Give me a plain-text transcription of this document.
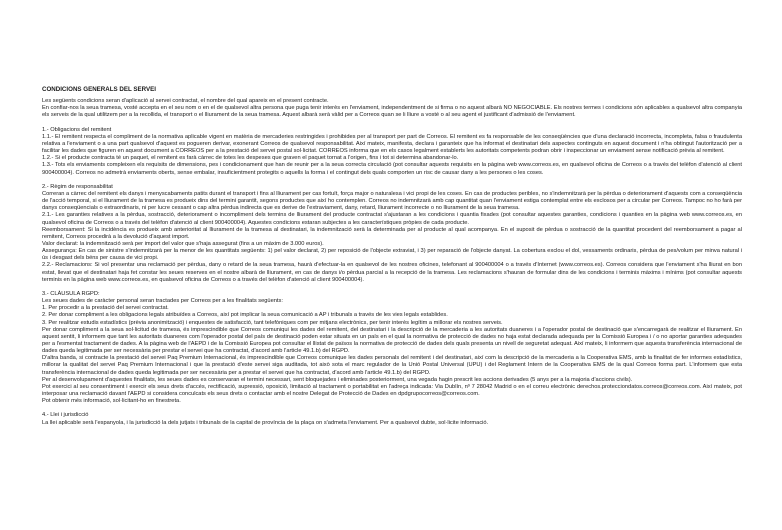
CONDICIONS GENERALS DEL SERVEI

Les següents condicions seran d'aplicació al servei contractat, el nombre del qual apareix en el present contracte.

En confiar-nos la seua tramesa, vosté accepta en el seu nom o en el de qualsevol altra persona que puga tenir interès en l'enviament, independentment de si firma o no aquest albarà NO NEGOCIABLE. Els nostres termes i condicions són aplicables a qualsevol altra companyia els serveis de la qual utilitzem per a la recollida, el transport o el lliurament de la seua tramesa. Aquest albarà serà vàlid per a Correos quan se li lliure a vosté o al seu agent el justificant d'admissió de l'enviament.

1.- Obligacions del remitent

1.1.- El remitent respecta el compliment de la normativa aplicable vigent en matèria de mercaderies restringides i prohibides per al transport per part de Correos. El remitent es fa responsable de les conseqüències que d'una declaració incorrecta, incompleta, falsa o fraudulenta relativa a l'enviament o a una part qualsevol d'aquest es pogueren derivar, exonerant Correos de qualsevol responsabilitat. Així mateix, manifesta, declara i garanteix que ha informat el destinatari dels aspectes continguts en aquest document i n'ha obtingut l'autorització per a facilitar les dades que figuren en aquest document a CORREOS per a la prestació del servei postal sol·licitat. CORREOS informa que en els casos legalment establerts les autoritats competents podran obrir i inspeccionar un enviament sense notificació prèvia al remitent.

1.2.- Si el producte contracta té un paquet, el remitent es farà càrrec de totes les despeses que graven el paquet tornat a l'origen, fins i tot si determina abandonar-lo.

1.3.- Tots els enviaments compleixen els requisits de dimensions, pes i condicionament que han de reunir per a la seua correcta circulació (pot consultar aquests requisits en la pàgina web www.correos.es, en qualsevol oficina de Correos o a través del telèfon d'atenció al client 900400004). Correos no admetrà enviaments oberts, sense embalar, insuficientment protegits o aquells la forma i el contingut dels quals comporten un risc de causar dany a les persones o les coses.

2.- Règim de responsabilitat

Correran a càrrec del remitent els danys i menyscabaments patits durant el transport i fins al lliurament per cas fortuït, força major o naturalesa i vici propi de les coses. En cas de productes peribles, no s'indemnitzarà per la pèrdua o deteriorament d'aquests com a conseqüència de l'acció temporal, si el lliurament de la tramesa es produeix dins del termini garantit, segons productes que així ho contemplen. Correos no indemnitzarà amb cap quantitat quan l'enviament estiga contemplat entre els exclosos per a circular per Correos. Tampoc no ho farà per danys conseqüencials o extraordinaris, ni per lucre cessant o cap altra pèrdua indirecta que es derive de l'extraviament, dany, retard, lliurament incorrecte o no lliurament de la seua tramesa.

2.1.- Les garanties relatives a la pèrdua, sostracció, deteriorament o incompliment dels termins de lliurament del producte contractat s'ajustaran a les condicions i quantia fixades (pot consultar aquestes garanties, condicions i quanties en la pàgina web www.correos.es, en qualsevol oficina de Correos o a través del telèfon d'atenció al client 900400004). Aquestes condicions estaran subjectes a les característiques pròpies de cada producte.

Reemborsament: Si la incidència es produeix amb anterioritat al lliurament de la tramesa al destinatari, la indemnització serà la determinada per al producte al qual acompanya. En el suposit de pèrdua o sostracció de la quantitat procedent del reemborsament a pagar al remitent, Correos procedirà a la devolució d'aquest import.

Valor declarat: la indemnització serà per import del valor que s'haja assegurat (fins a un màxim de 3.000 euros).

Assegurança: En cas de sinistre s'indemnitzarà per la menor de les quantitats següents: 1) pel valor declarat, 2) per reposició de l'objecte extraviat, i 3) per reparació de l'objecte danyat. La cobertura exclou el dol, vessaments ordinaris, pèrdua de pes/volum per minva natural i ús i desgast dels béns per causa de vici propi.

2.2.- Reclamacions: Si vol presentar una reclamació per pèrdua, dany o retard de la seua tramesa, haurà d'efectuar-la en qualsevol de les nostres oficines, telefonant al 900400004 o a través d'Internet (www.correos.es). Correos considera que l'enviament s'ha lliurat en bon estat, llevat que el destinatari haja fet constar les seues reserves en el nostre albarà de lliurament, en cas de danys i/o pèrdua parcial a la recepció de la tramesa. Les reclamacions s'hauran de formular dins de les condicions i terminis màxims i mínims (pot consultar aquests terminis en la pàgina web www.correos.es, en qualsevol oficina de Correos o a través del telèfon d'atenció al client 900400004).

3.- CLÀUSULA RGPD:

Les seues dades de caràcter personal seran tractades per Correos per a les finalitats següents:

1. Per procedir a la prestació del servei contractat.

2. Per donar compliment a les obligacions legals atribuïdes a Correos, així pot implicar la seua comunicació a AP i tribunals a través de les vies legals establides.

3. Per realitzar estudis estadístics (prèvia anonimització) i enquestes de satisfacció, tant telefòniques com per mitjans electrònics, per tenir interès legítim a millorar els nostres serveis.

Per donar compliment a la seua sol·licitud de tramesa, és imprescindible que Correos comuniqui les dades del remitent, del destinatari i la descripció de la mercaderia a les autoritats duaneres i a l'operador postal de destinació que s'encarregarà de realitzar el lliurament. En aquest sentit, li informem que tant les autoritats duaneres com l'operador postal del país de destinació poden estar situats en un país en el qual la normativa de protecció de dades no haja estat declarada adequada per la Comissió Europea i / o no aportar garanties adequades per a l'esmentat tractament de dades. A la pàgina web de l'AEPD i de la Comissió Europea pot consultar el llistat de països la normativa de protecció de dades dels quals presenta un nivell de seguretat adequat. Així mateix, li informem que aquesta transferència internacional de dades queda legitimada per ser necessària per prestar el servei que ha contractat, d'acord amb l'article 49.1.b) del RGPD.

D'altra banda, si contracte la prestació del servei Paq Premium Internacional, és imprescindible que Correos comunique les dades personals del remitent i del destinatari, així com la descripció de la mercaderia a la Cooperativa EMS, amb la finalitat de fer informes estadístics, millorar la qualitat del servei Paq Premium Internacional i que la prestació d'este servei siga auditada, tot això sota el marc regulador de la Unió Postal Universal (UPU) i del Reglament Intern de la Cooperativa EMS de la qual Correos forma part. L'informem que esta transferència internacional de dades queda legitimada per ser necessària per a prestar el servei que ha contractat, d'acord amb l'article 49.1.b) del RGPD.

Per al desenvolupament d'aquestes finalitats, les seues dades es conservaran el termini necessari, sent bloquejades i eliminades posteriorment, una vegada hagin prescrit les accions derivades (5 anys per a la majoria d'accions civils).

Pot exercici al seu consentiment i exercir els seus drets d'accés, rectificació, supressió, oposició, limitació al tractament o portabilitat en l'adreça indicada: Via Dublín, nº 7 28042 Madrid o en el correu electrònic derechos.protecciondatos.correos@correos.com. Així mateix, pot interposar una reclamació davant l'AEPD si considera conculcats els seus drets o contactar amb el nostre Delegat de Protecció de Dades en dpdgrupocorreos@correos.com.

Pot obtenir més informació, sol·licitant-ho en finestreta.

4.- Llei i jurisdicció

La llei aplicable serà l'espanyola, i la jurisdicció la dels jutjats i tribunals de la capital de província de la plaça on s'admeta l'enviament. Per a qualsevol dubte, sol·licite informació.
